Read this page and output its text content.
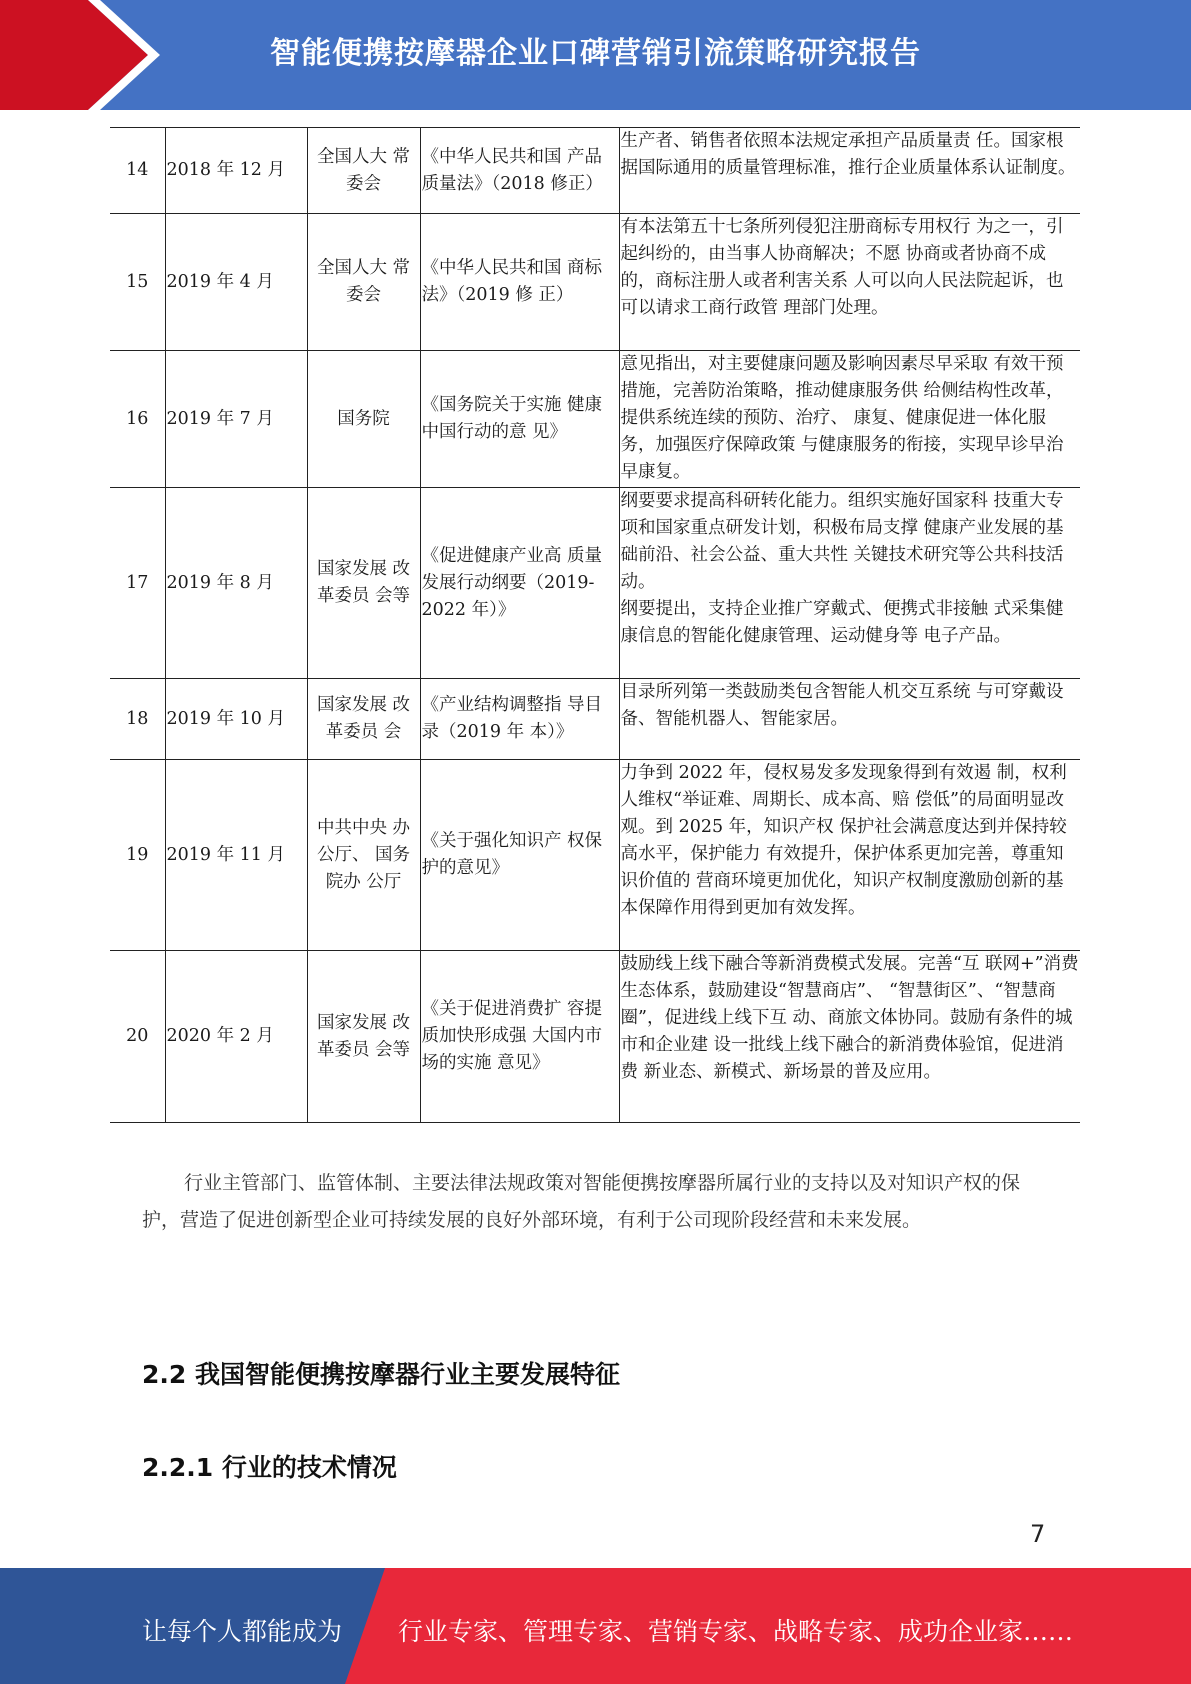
智能便携按摩器企业口碑营销引流策略研究报告
14	2018 年 12 月	全国人大 常委会	《中华人民共和国 产品质量法》（2018 修正）	生产者、销售者依照本法规定承担产品质量责 任。国家根据国际通用的质量管理标准，推行企业质量体系认证制度。
15	2019 年 4 月	全国人大 常委会	《中华人民共和国 商标法》（2019 修 正）	有本法第五十七条所列侵犯注册商标专用权行 为之一，引起纠纷的，由当事人协商解决；不愿 协商或者协商不成的，商标注册人或者利害关系 人可以向人民法院起诉，也可以请求工商行政管 理部门处理。
16	2019 年 7 月	国务院	《国务院关于实施 健康中国行动的意 见》	意见指出，对主要健康问题及影响因素尽早采取 有效干预措施，完善防治策略，推动健康服务供 给侧结构性改革，提供系统连续的预防、治疗、 康复、健康促进一体化服务，加强医疗保障政策 与健康服务的衔接，实现早诊早治早康复。
17	2019 年 8 月	国家发展 改革委员 会等	《促进健康产业高 质量发展行动纲要（2019-2022 年）》	纲要要求提高科研转化能力。组织实施好国家科 技重大专项和国家重点研发计划，积极布局支撑 健康产业发展的基础前沿、社会公益、重大共性 关键技术研究等公共科技活动。
纲要提出，支持企业推广穿戴式、便携式非接触 式采集健康信息的智能化健康管理、运动健身等 电子产品。
18	2019 年 10 月	国家发展 改革委员 会	《产业结构调整指 导目录（2019 年 本）》	目录所列第一类鼓励类包含智能人机交互系统 与可穿戴设备、智能机器人、智能家居。
19	2019 年 11 月	中共中央 办公厅、 国务院办 公厅	《关于强化知识产 权保护的意见》	力争到 2022 年，侵权易发多发现象得到有效遏 制，权利人维权“举证难、周期长、成本高、赔 偿低”的局面明显改观。到 2025 年，知识产权 保护社会满意度达到并保持较高水平，保护能力 有效提升，保护体系更加完善，尊重知识价值的 营商环境更加优化，知识产权制度激励创新的基 本保障作用得到更加有效发挥。
20	2020 年 2 月	国家发展 改革委员 会等	《关于促进消费扩 容提质加快形成强 大国内市场的实施 意见》	鼓励线上线下融合等新消费模式发展。完善“互 联网+”消费生态体系，鼓励建设“智慧商店”、 “智慧街区”、“智慧商圈”，促进线上线下互 动、商旅文体协同。鼓励有条件的城市和企业建 设一批线上线下融合的新消费体验馆，促进消费 新业态、新模式、新场景的普及应用。
行业主管部门、监管体制、主要法律法规政策对智能便携按摩器所属行业的支持以及对知识产权的保护，营造了促进创新型企业可持续发展的良好外部环境，有利于公司现阶段经营和未来发展。
2.2 我国智能便携按摩器行业主要发展特征
2.2.1 行业的技术情况
7
让每个人都能成为 行业专家、管理专家、营销专家、战略专家、成功企业家……
